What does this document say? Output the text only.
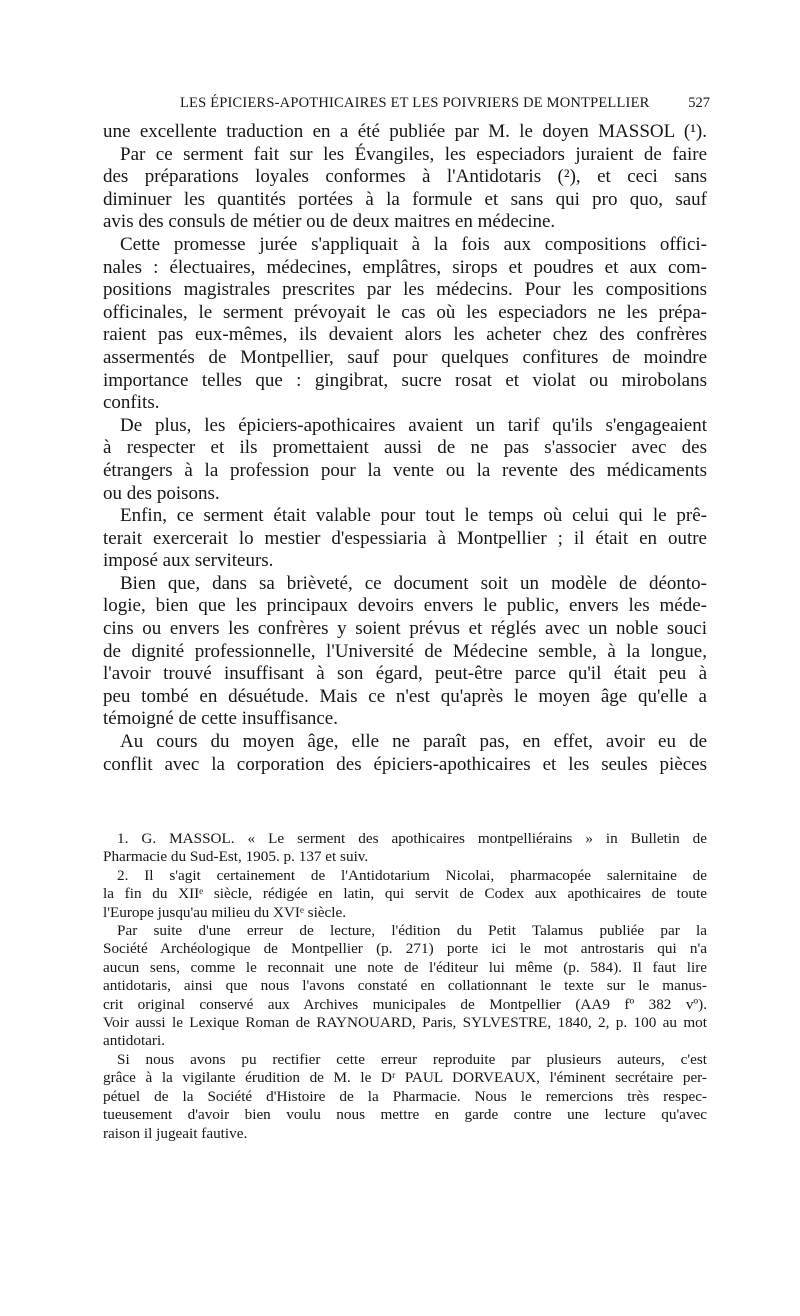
LES ÉPICIERS-APOTHICAIRES ET LES POIVRIERS DE MONTPELLIER	527
une excellente traduction en a été publiée par M. le doyen MASSOL (¹).
Par ce serment fait sur les Évangiles, les especiadors juraient de faire
des préparations loyales conformes à l'Antidotaris (²), et ceci sans
diminuer les quantités portées à la formule et sans qui pro quo, sauf
avis des consuls de métier ou de deux maitres en médecine.
Cette promesse jurée s'appliquait à la fois aux compositions offici-
nales : électuaires, médecines, emplâtres, sirops et poudres et aux com-
positions magistrales prescrites par les médecins. Pour les compositions
officinales, le serment prévoyait le cas où les especiadors ne les prépa-
raient pas eux-mêmes, ils devaient alors les acheter chez des confrères
assermentés de Montpellier, sauf pour quelques confitures de moindre
importance telles que : gingibrat, sucre rosat et violat ou mirobolans
confits.
De plus, les épiciers-apothicaires avaient un tarif qu'ils s'engageaient
à respecter et ils promettaient aussi de ne pas s'associer avec des
étrangers à la profession pour la vente ou la revente des médicaments
ou des poisons.
Enfin, ce serment était valable pour tout le temps où celui qui le prê-
terait exercerait lo mestier d'espessiaria à Montpellier ; il était en outre
imposé aux serviteurs.
Bien que, dans sa brièveté, ce document soit un modèle de déonto-
logie, bien que les principaux devoirs envers le public, envers les méde-
cins ou envers les confrères y soient prévus et réglés avec un noble souci
de dignité professionnelle, l'Université de Médecine semble, à la longue,
l'avoir trouvé insuffisant à son égard, peut-être parce qu'il était peu à
peu tombé en désuétude. Mais ce n'est qu'après le moyen âge qu'elle a
témoigné de cette insuffisance.
Au cours du moyen âge, elle ne paraît pas, en effet, avoir eu de
conflit avec la corporation des épiciers-apothicaires et les seules pièces
1. G. MASSOL. « Le serment des apothicaires montpelliérains » in Bulletin de
Pharmacie du Sud-Est, 1905. p. 137 et suiv.
2. Il s'agit certainement de l'Antidotarium Nicolai, pharmacopée salernitaine de
la fin du XIIᵉ siècle, rédigée en latin, qui servit de Codex aux apothicaires de toute
l'Europe jusqu'au milieu du XVIᵉ siècle.
Par suite d'une erreur de lecture, l'édition du Petit Talamus publiée par la
Société Archéologique de Montpellier (p. 271) porte ici le mot antrostaris qui n'a
aucun sens, comme le reconnait une note de l'éditeur lui même (p. 584). Il faut lire
antidotaris, ainsi que nous l'avons constaté en collationnant le texte sur le manus-
crit original conservé aux Archives municipales de Montpellier (AA9 fº 382 vº).
Voir aussi le Lexique Roman de RAYNOUARD, Paris, SYLVESTRE, 1840, 2, p. 100 au mot
antidotari.
Si nous avons pu rectifier cette erreur reproduite par plusieurs auteurs, c'est
grâce à la vigilante érudition de M. le Dʳ PAUL DORVEAUX, l'éminent secrétaire per-
pétuel de la Société d'Histoire de la Pharmacie. Nous le remercions très respec-
tueusement d'avoir bien voulu nous mettre en garde contre une lecture qu'avec
raison il jugeait fautive.
